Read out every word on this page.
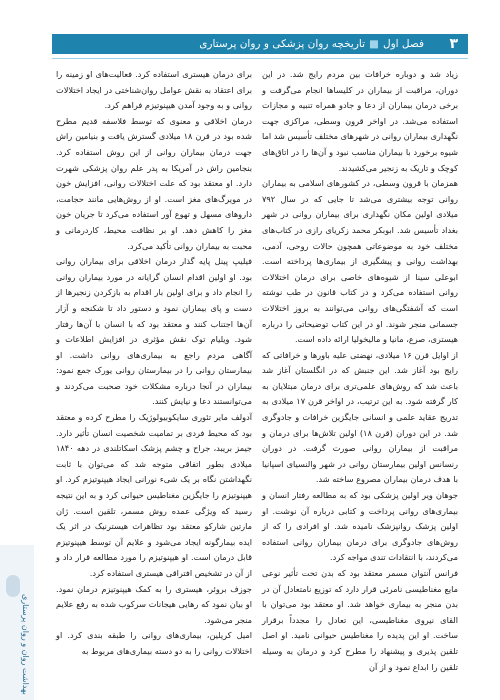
فصل اول■تاریخچه روان پزشکی و روان پرستاری	۳

زیاد شد و دوباره خرافات بین مردم رایج شد. در این دوران، مراقبت از بیماران در کلیساها انجام می‌گرفت و برخی درمان بیماران از دعا و جادو همراه تنبیه و مجازات استفاده می‌شد. در اواخر قرون وسطی، مراکزی جهت نگهداری بیماران روانی در شهرهای مختلف تأسیس شد اما شیوه برخورد با بیماران مناسب نبود و آن‌ها را در اتاق‌های کوچک و تاریک به زنجیر می‌کشیدند.

همزمان با قرون وسطی، در کشورهای اسلامی به بیماران روانی توجه بیشتری می‌شد تا جایی که در سال ۷۹۲ میلادی اولین مکان نگهداری برای بیماران روانی در شهر بغداد تأسیس شد. ابوبکر محمد زکریای رازی در کتاب‌های مختلف خود به موضوعاتی همچون حالات روحی، آدمی، بهداشت روانی و پیشگیری از بیماری‌ها پرداخته است. ابوعلی سینا از شیوه‌های خاصی برای درمان اختلالات روانی استفاده می‌کرد و در کتاب قانون در طب نوشته است که آشفتگی‌های روانی می‌توانند به بروز اختلالات جسمانی منجر شوند. او در این کتاب توضیحاتی را درباره هیستری، صرع، مانیا و مالیخولیا ارائه داده است.

از اوایل قرن ۱۶ میلادی، نهضتی علیه باورها و خرافاتی که رایج بود آغاز شد. این جنبش که در انگلستان آغاز شد باعث شد که روش‌های علمی‌تری برای درمان مبتلایان به کار گرفته شود. به این ترتیب، در اواخر قرن ۱۷ میلادی به تدریج عقاید علمی و انسانی جایگزین خرافات و جادوگری شد. در این دوران (قرن ۱۸) اولین تلاش‌ها برای درمان و مراقبت از بیماران روانی صورت گرفت. در دوران رنسانس اولین بیمارستان روانی در شهر والنسیای اسپانیا با هدف درمان بیماران مصروع ساخته شد.

جوهان ویر اولین پزشکی بود که به مطالعه رفتار انسان و بیماری‌های روانی پرداخت و کتابی درباره آن نوشت. او اولین پزشک روانپزشک نامیده شد. او افرادی را که از روش‌های جادوگری برای درمان بیماران روانی استفاده می‌کردند، با انتقادات تندی مواجه کرد.

فرانس آنتوان مسمر معتقد بود که بدن تحت تأثیر نوعی مایع مغناطیسی نامرئی قرار دارد که توزیع نامتعادل آن در بدن منجر به بیماری خواهد شد. او معتقد بود می‌توان با القای نیروی مغناطیسی، این تعادل را مجدداً برقرار ساخت. او این پدیده را مغناطیس حیوانی نامید. او اصل تلقین پذیری و پیشنهاد را مطرح کرد و درمان به وسیله تلقین را ابداع نمود و از آن

برای درمان هیستری استفاده کرد. فعالیت‌های او زمینه را برای اعتقاد به نقش عوامل روان‌شناختی در ایجاد اختلالات روانی و به وجود آمدن هیپنوتیزم فراهم کرد.

درمان اخلاقی و معنوی که توسط فلاسفه قدیم مطرح شده بود در قرن ۱۸ میلادی گسترش یافت و بنیامین راش جهت درمان بیماران روانی از این روش استفاده کرد. بنجامین راش در آمریکا به پدر علم روان پزشکی شهرت دارد. او معتقد بود که علت اختلالات روانی، افزایش خون در مویرگ‌های مغز است. او از روش‌هایی مانند حجامت، داروهای مسهل و تهوع آور استفاده می‌کرد تا جریان خون مغز را کاهش دهد. او بر نظافت محیط، کاردرمانی و محبت به بیماران روانی تأکید می‌کرد.

فیلیپ پینل پایه گذار درمان اخلاقی برای بیماران روانی بود. او اولین اقدام انسان گرایانه در مورد بیماران روانی را انجام داد و برای اولین بار اقدام به بازکردن زنجیرها از دست و پای بیماران نمود و دستور داد تا شکنجه و آزار آن‌ها اجتناب کنند و معتقد بود که با انسان با آن‌ها رفتار شود. ویلیام توک نقش مؤثری در افزایش اطلاعات و آگاهی مردم راجع به بیماری‌های روانی داشت. او بیمارستان روانی را در بیمارستان روانی یورک جمع نمود: بیماران در آنجا درباره مشکلات خود صحبت می‌کردند و می‌توانستند دعا و نیایش کنند.

آدولف مایر تئوری سایکوبیولوژیک را مطرح کرده و معتقد بود که محیط فردی بر تمامیت شخصیت انسان تأثیر دارد. جیمز بریبد، جراح و چشم پزشک اسکاتلندی در دهه ۱۸۴۰ میلادی بطور اتفاقی متوجه شد که می‌توان با ثابت نگهداشتن نگاه بر یک شیء نورانی ایجاد هیپنوتیزم کرد. او هیپنوتیزم را جایگزین مغناطیس حیوانی کرد و به این نتیجه رسید که ویژگی عمده روش مسمر، تلقین است. ژان مارتین شارکو معتقد بود تظاهرات هیسترنیک در اثر یک ایده بیمارگونه ایجاد می‌شود و علایم آن توسط هیپنوتیزم قابل درمان است. او هیپنوتیزم را مورد مطالعه قرار داد و از آن در تشخیص افتراقی هیستری استفاده کرد.

جوزف بروئر، هیستری را به کمک هیپنوتیزم درمان نمود. او بیان نمود که رهایی هیجانات سرکوب شده به رفع علایم منجر می‌شود.

امیل کریلین، بیماری‌های روانی را طبقه بندی کرد. او اختلالات روانی را به دو دسته بیماری‌های مربوط به

بهداشت روان و روان پرستاری
